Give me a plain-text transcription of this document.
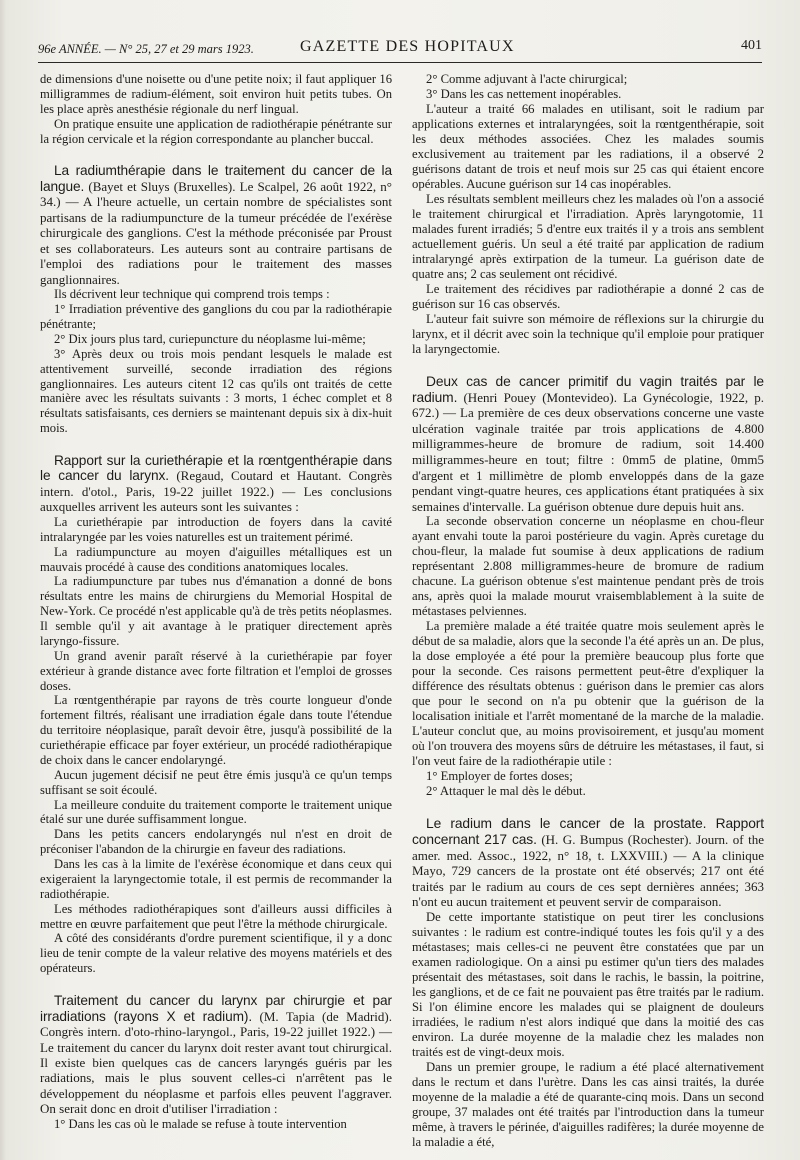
96e ANNÉE. — N° 25, 27 et 29 mars 1923.	GAZETTE DES HOPITAUX	401

de dimensions d'une noisette ou d'une petite noix; il faut appliquer 16 milligrammes de radium-élément, soit environ huit petits tubes. On les place après anesthésie régionale du nerf lingual.

On pratique ensuite une application de radiothérapie pénétrante sur la région cervicale et la région correspondante au plancher buccal.

La radiumthérapie dans le traitement du cancer de la langue. (Bayet et Sluys (Bruxelles). Le Scalpel, 26 août 1922, n° 34.) — A l'heure actuelle, un certain nombre de spécialistes sont partisans de la radiumpuncture de la tumeur précédée de l'exérèse chirurgicale des ganglions. C'est la méthode préconisée par Proust et ses collaborateurs. Les auteurs sont au contraire partisans de l'emploi des radiations pour le traitement des masses ganglionnaires.

Ils décrivent leur technique qui comprend trois temps :

1° Irradiation préventive des ganglions du cou par la radiothérapie pénétrante;

2° Dix jours plus tard, curiepuncture du néoplasme lui-même;

3° Après deux ou trois mois pendant lesquels le malade est attentivement surveillé, seconde irradiation des régions ganglionnaires. Les auteurs citent 12 cas qu'ils ont traités de cette manière avec les résultats suivants : 3 morts, 1 échec complet et 8 résultats satisfaisants, ces derniers se maintenant depuis six à dix-huit mois.

Rapport sur la curiethérapie et la rœntgenthérapie dans le cancer du larynx. (Regaud, Coutard et Hautant. Congrès intern. d'otol., Paris, 19-22 juillet 1922.) — Les conclusions auxquelles arrivent les auteurs sont les suivantes :

La curiethérapie par introduction de foyers dans la cavité intralaryngée par les voies naturelles est un traitement périmé.

La radiumpuncture au moyen d'aiguilles métalliques est un mauvais procédé à cause des conditions anatomiques locales.

La radiumpuncture par tubes nus d'émanation a donné de bons résultats entre les mains de chirurgiens du Memorial Hospital de New-York. Ce procédé n'est applicable qu'à de très petits néoplasmes. Il semble qu'il y ait avantage à le pratiquer directement après laryngo-fissure.

Un grand avenir paraît réservé à la curiethérapie par foyer extérieur à grande distance avec forte filtration et l'emploi de grosses doses.

La rœntgenthérapie par rayons de très courte longueur d'onde fortement filtrés, réalisant une irradiation égale dans toute l'étendue du territoire néoplasique, paraît devoir être, jusqu'à possibilité de la curiethérapie efficace par foyer extérieur, un procédé radiothérapique de choix dans le cancer endolaryngé.

Aucun jugement décisif ne peut être émis jusqu'à ce qu'un temps suffisant se soit écoulé.

La meilleure conduite du traitement comporte le traitement unique étalé sur une durée suffisamment longue.

Dans les petits cancers endolaryngés nul n'est en droit de préconiser l'abandon de la chirurgie en faveur des radiations.

Dans les cas à la limite de l'exérèse économique et dans ceux qui exigeraient la laryngectomie totale, il est permis de recommander la radiothérapie.

Les méthodes radiothérapiques sont d'ailleurs aussi difficiles à mettre en œuvre parfaitement que peut l'être la méthode chirurgicale.

A côté des considérants d'ordre purement scientifique, il y a donc lieu de tenir compte de la valeur relative des moyens matériels et des opérateurs.

Traitement du cancer du larynx par chirurgie et par irradiations (rayons X et radium). (M. Tapia (de Madrid). Congrès intern. d'oto-rhino-laryngol., Paris, 19-22 juillet 1922.) — Le traitement du cancer du larynx doit rester avant tout chirurgical. Il existe bien quelques cas de cancers laryngés guéris par les radiations, mais le plus souvent celles-ci n'arrêtent pas le développement du néoplasme et parfois elles peuvent l'aggraver. On serait donc en droit d'utiliser l'irradiation :

1° Dans les cas où le malade se refuse à toute intervention

2° Comme adjuvant à l'acte chirurgical;

3° Dans les cas nettement inopérables.

L'auteur a traité 66 malades en utilisant, soit le radium par applications externes et intralaryngées, soit la rœntgenthérapie, soit les deux méthodes associées. Chez les malades soumis exclusivement au traitement par les radiations, il a observé 2 guérisons datant de trois et neuf mois sur 25 cas qui étaient encore opérables. Aucune guérison sur 14 cas inopérables.

Les résultats semblent meilleurs chez les malades où l'on a associé le traitement chirurgical et l'irradiation. Après laryngotomie, 11 malades furent irradiés; 5 d'entre eux traités il y a trois ans semblent actuellement guéris. Un seul a été traité par application de radium intralaryngé après extirpation de la tumeur. La guérison date de quatre ans; 2 cas seulement ont récidivé.

Le traitement des récidives par radiothérapie a donné 2 cas de guérison sur 16 cas observés.

L'auteur fait suivre son mémoire de réflexions sur la chirurgie du larynx, et il décrit avec soin la technique qu'il emploie pour pratiquer la laryngectomie.

Deux cas de cancer primitif du vagin traités par le radium. (Henri Pouey (Montevideo). La Gynécologie, 1922, p. 672.) — La première de ces deux observations concerne une vaste ulcération vaginale traitée par trois applications de 4.800 milligrammes-heure de bromure de radium, soit 14.400 milligrammes-heure en tout; filtre : 0mm5 de platine, 0mm5 d'argent et 1 millimètre de plomb enveloppés dans de la gaze pendant vingt-quatre heures, ces applications étant pratiquées à six semaines d'intervalle. La guérison obtenue dure depuis huit ans.

La seconde observation concerne un néoplasme en chou-fleur ayant envahi toute la paroi postérieure du vagin. Après curetage du chou-fleur, la malade fut soumise à deux applications de radium représentant 2.808 milligrammes-heure de bromure de radium chacune. La guérison obtenue s'est maintenue pendant près de trois ans, après quoi la malade mourut vraisemblablement à la suite de métastases pelviennes.

La première malade a été traitée quatre mois seulement après le début de sa maladie, alors que la seconde l'a été après un an. De plus, la dose employée a été pour la première beaucoup plus forte que pour la seconde. Ces raisons permettent peut-être d'expliquer la différence des résultats obtenus : guérison dans le premier cas alors que pour le second on n'a pu obtenir que la guérison de la localisation initiale et l'arrêt momentané de la marche de la maladie. L'auteur conclut que, au moins provisoirement, et jusqu'au moment où l'on trouvera des moyens sûrs de détruire les métastases, il faut, si l'on veut faire de la radiothérapie utile :

1° Employer de fortes doses;

2° Attaquer le mal dès le début.

Le radium dans le cancer de la prostate. Rapport concernant 217 cas. (H. G. Bumpus (Rochester). Journ. of the amer. med. Assoc., 1922, n° 18, t. LXXVIII.) — A la clinique Mayo, 729 cancers de la prostate ont été observés; 217 ont été traités par le radium au cours de ces sept dernières années; 363 n'ont eu aucun traitement et peuvent servir de comparaison.

De cette importante statistique on peut tirer les conclusions suivantes : le radium est contre-indiqué toutes les fois qu'il y a des métastases; mais celles-ci ne peuvent être constatées que par un examen radiologique. On a ainsi pu estimer qu'un tiers des malades présentait des métastases, soit dans le rachis, le bassin, la poitrine, les ganglions, et de ce fait ne pouvaient pas être traités par le radium. Si l'on élimine encore les malades qui se plaignent de douleurs irradiées, le radium n'est alors indiqué que dans la moitié des cas environ. La durée moyenne de la maladie chez les malades non traités est de vingt-deux mois.

Dans un premier groupe, le radium a été placé alternativement dans le rectum et dans l'urètre. Dans les cas ainsi traités, la durée moyenne de la maladie a été de quarante-cinq mois. Dans un second groupe, 37 malades ont été traités par l'introduction dans la tumeur même, à travers le périnée, d'aiguilles radifères; la durée moyenne de la maladie a été,
